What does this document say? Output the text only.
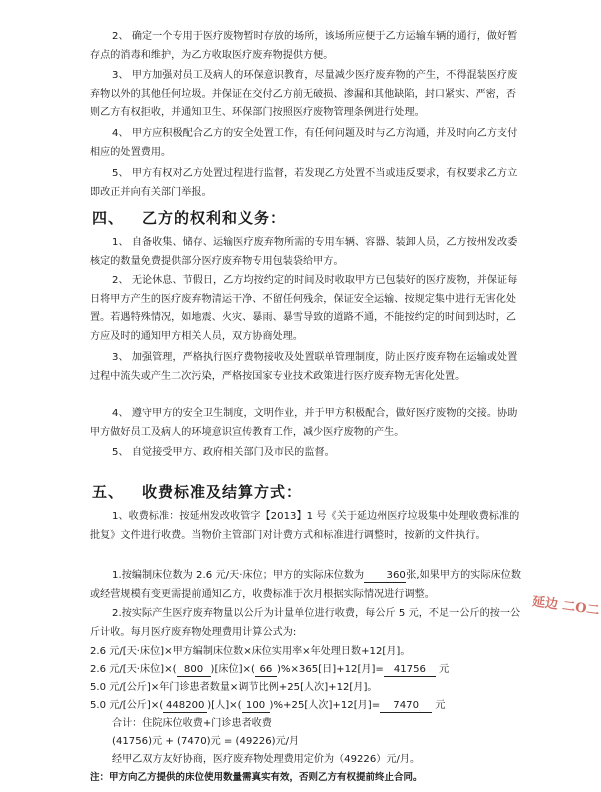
2、 确定一个专用于医疗废物暂时存放的场所，该场所应便于乙方运输车辆的通行，做好暂存点的消毒和维护，为乙方收取医疗废弃物提供方便。

3、 甲方加强对员工及病人的环保意识教育，尽量减少医疗废弃物的产生，不得混装医疗废弃物以外的其他任何垃圾。并保证在交付乙方前无破损、渗漏和其他缺陷，封口紧实、严密，否则乙方有权拒收，并通知卫生、环保部门按照医疗废物管理条例进行处理。

4、 甲方应积极配合乙方的安全处置工作，有任何问题及时与乙方沟通，并及时向乙方支付相应的处置费用。

5、 甲方有权对乙方处置过程进行监督，若发现乙方处置不当或违反要求，有权要求乙方立即改正并向有关部门举报。

四、 乙方的权利和义务：

1、 自备收集、储存、运输医疗废弃物所需的专用车辆、容器、装卸人员，乙方按州发改委核定的数量免费提供部分医疗废弃物专用包装袋给甲方。

2、 无论休息、节假日，乙方均按约定的时间及时收取甲方已包装好的医疗废物，并保证每日将甲方产生的医疗废弃物清运干净、不留任何残余，保证安全运输、按规定集中进行无害化处置。若遇特殊情况，如地震、火灾、暴雨、暴雪导致的道路不通，不能按约定的时间到达时，乙方应及时的通知甲方相关人员，双方协商处理。

3、 加强管理，严格执行医疗费物接收及处置联单管理制度，防止医疗废弃物在运输或处置过程中流失或产生二次污染，严格按国家专业技术政策进行医疗废弃物无害化处置。

4、 遵守甲方的安全卫生制度，文明作业，并于甲方积极配合，做好医疗废物的交接。协助甲方做好员工及病人的环境意识宣传教育工作，减少医疗废物的产生。

5、 自觉接受甲方、政府相关部门及市民的监督。

五、 收费标准及结算方式：

1、收费标准：按延州发改收管字【2013】1 号《关于延边州医疗垃圾集中处理收费标准的批复》文件进行收费。当物价主管部门对计费方式和标准进行调整时，按新的文件执行。

1.按编制床位数为 2.6 元/天·床位；甲方的实际床位数为 360张,如果甲方的实际床位数或经营规模有变更需提前通知乙方，收费标准于次月根据实际情况进行调整。

2.按实际产生医疗废弃物量以公斤为计量单位进行收费，每公斤 5 元，不足一公斤的按一公斤计收。每月医疗废弃物处理费用计算公式为:

2.6 元/[天·床位]×甲方编制床位数×床位实用率×年处理日数+12[月]。

2.6 元/[天·床位]×( 800 )[床位]×( 66 )%×365[日]+12[月]= 41756 元

5.0 元/[公斤]×年门诊患者数量×调节比例+25[人次]+12[月]。

5.0 元/[公斤]×( 448200 )[人]×( 100 )%+25[人次]+12[月]= 7470 元

合计：住院床位收费+门诊患者收费

(41756)元 + (7470)元 = (49226)元/月

经甲乙双方友好协商，医疗废弃物处理费用定价为（49226）元/月。

注：甲方向乙方提供的床位使用数量需真实有效，否则乙方有权提前终止合同。

延边 二O二
